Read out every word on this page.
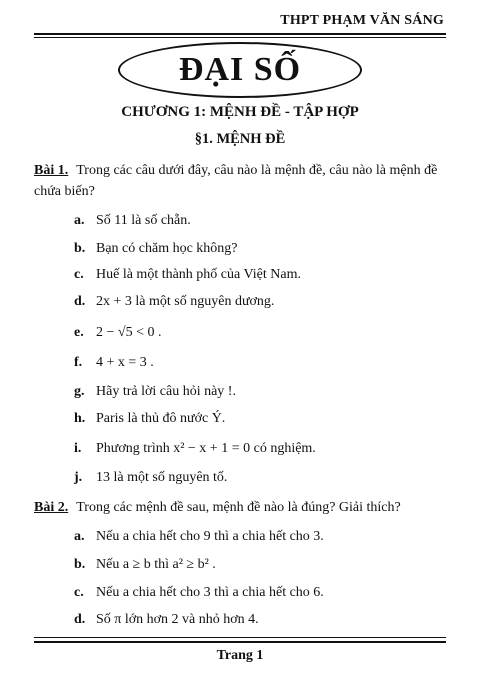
THPT PHẠM VĂN SÁNG
ĐẠI SỐ
CHƯƠNG 1: MỆNH ĐỀ - TẬP HỢP
§1. MỆNH ĐỀ
Bài 1. Trong các câu dưới đây, câu nào là mệnh đề, câu nào là mệnh đề chứa biến?
a. Số 11 là số chẵn.
b. Bạn có chăm học không?
c. Huế là một thành phố của Việt Nam.
d. 2x + 3 là một số nguyên dương.
e. 2 − √5 < 0 .
f. 4 + x = 3 .
g. Hãy trả lời câu hỏi này !.
h. Paris là thủ đô nước Ý.
i. Phương trình x² − x + 1 = 0 có nghiệm.
j. 13 là một số nguyên tố.
Bài 2. Trong các mệnh đề sau, mệnh đề nào là đúng? Giải thích?
a. Nếu a chia hết cho 9 thì a chia hết cho 3.
b. Nếu a ≥ b thì a² ≥ b² .
c. Nếu a chia hết cho 3 thì a chia hết cho 6.
d. Số π lớn hơn 2 và nhỏ hơn 4.
Trang 1
